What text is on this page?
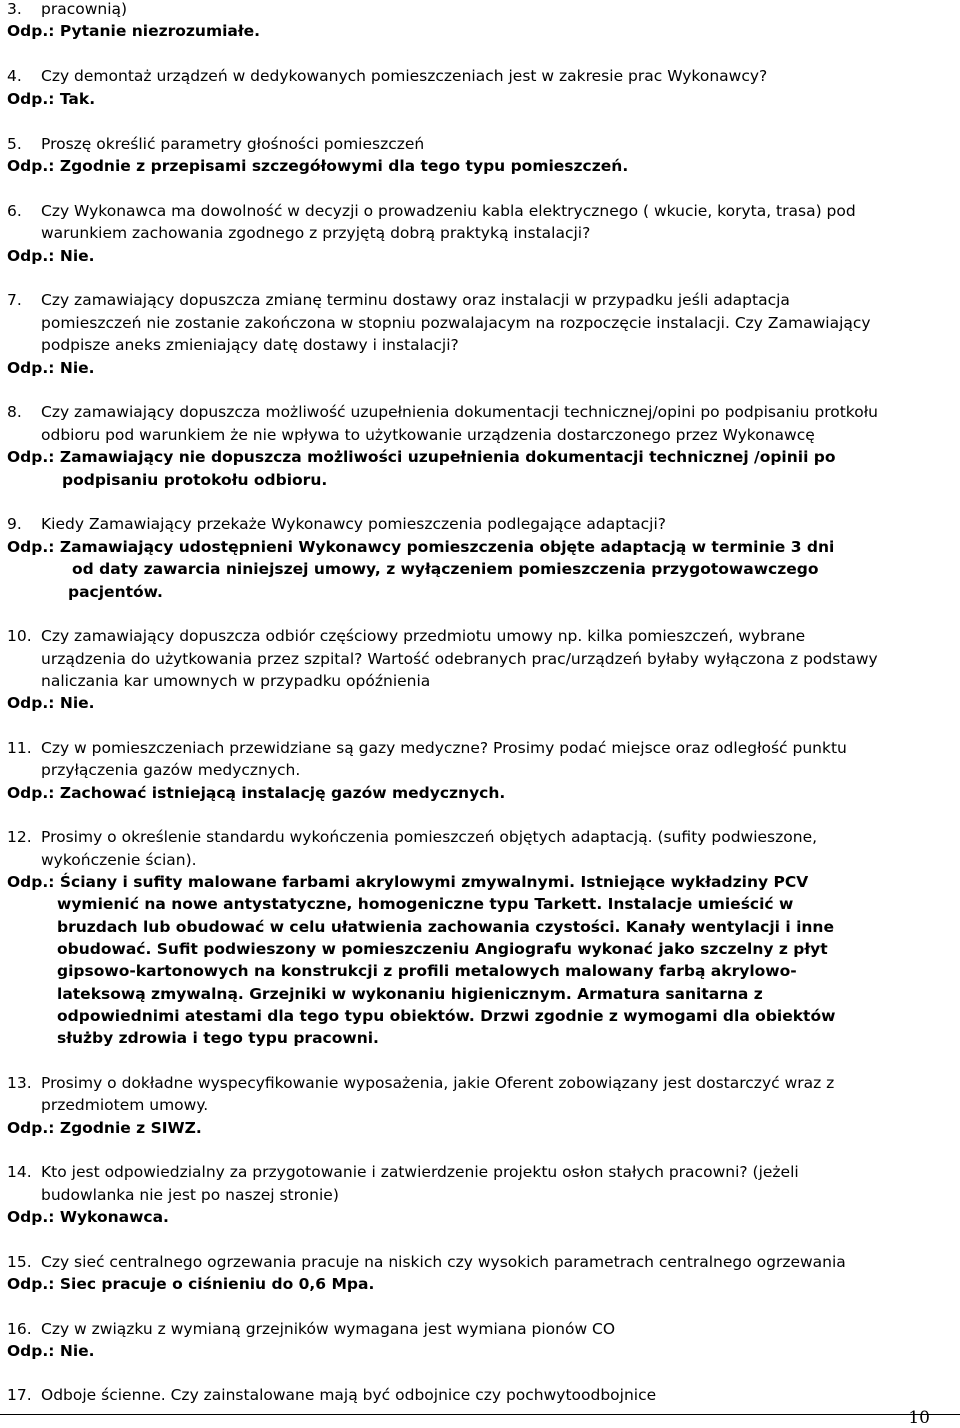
3. pracownią)
Odp.: Pytanie niezrozumiałe.
4. Czy demontaż urządzeń w dedykowanych pomieszczeniach jest w zakresie prac Wykonawcy?
Odp.: Tak.
5. Proszę określić parametry głośności pomieszczeń
Odp.: Zgodnie z przepisami szczegółowymi dla tego typu pomieszczeń.
6. Czy Wykonawca ma dowolność w decyzji o prowadzeniu kabla elektrycznego ( wkucie, koryta, trasa) pod
warunkiem zachowania zgodnego z przyjętą dobrą praktyką instalacji?
Odp.: Nie.
7. Czy zamawiający dopuszcza zmianę terminu dostawy oraz instalacji w przypadku jeśli adaptacja
pomieszczeń nie zostanie zakończona w stopniu pozwalajacym na rozpoczęcie instalacji. Czy Zamawiający
podpisze aneks zmieniający datę dostawy i instalacji?
Odp.: Nie.
8. Czy zamawiający dopuszcza możliwość uzupełnienia dokumentacji technicznej/opini po podpisaniu protkołu
odbioru pod warunkiem że nie wpływa to użytkowanie urządzenia dostarczonego przez Wykonawcę
Odp.: Zamawiający nie dopuszcza możliwości uzupełnienia dokumentacji technicznej /opinii po
podpisaniu protokołu odbioru.
9. Kiedy Zamawiający przekaże Wykonawcy pomieszczenia podlegające adaptacji?
Odp.: Zamawiający udostępnieni Wykonawcy pomieszczenia objęte adaptacją w terminie 3 dni
od daty zawarcia niniejszej umowy, z wyłączeniem pomieszczenia przygotowawczego
pacjentów.
10. Czy zamawiający dopuszcza odbiór częściowy przedmiotu umowy np. kilka pomieszczeń, wybrane
urządzenia do użytkowania przez szpital? Wartość odebranych prac/urządzeń byłaby wyłączona z podstawy
naliczania kar umownych w przypadku opóźnienia
Odp.: Nie.
11. Czy w pomieszczeniach przewidziane są gazy medyczne? Prosimy podać miejsce oraz odległość punktu
przyłączenia gazów medycznych.
Odp.: Zachować istniejącą instalację gazów medycznych.
12. Prosimy o określenie standardu wykończenia pomieszczeń objętych adaptacją. (sufity podwieszone,
wykończenie ścian).
Odp.: Ściany i sufity malowane farbami akrylowymi zmywalnymi. Istniejące wykładziny PCV
wymienić na nowe antystatyczne, homogeniczne typu Tarkett. Instalacje umieścić w
bruzdach lub obudować w celu ułatwienia zachowania czystości. Kanały wentylacji i inne
obudować. Sufit podwieszony w pomieszczeniu Angiografu wykonać jako szczelny z płyt
gipsowo-kartonowych na konstrukcji z profili metalowych malowany farbą akrylowo-
lateksową zmywalną. Grzejniki w wykonaniu higienicznym. Armatura sanitarna z
odpowiednimi atestami dla tego typu obiektów. Drzwi zgodnie z wymogami dla obiektów
służby zdrowia i tego typu pracowni.
13. Prosimy o dokładne wyspecyfikowanie wyposażenia, jakie Oferent zobowiązany jest dostarczyć wraz z
przedmiotem umowy.
Odp.: Zgodnie z SIWZ.
14. Kto jest odpowiedzialny za przygotowanie i zatwierdzenie projektu osłon stałych pracowni? (jeżeli
budowlanka nie jest po naszej stronie)
Odp.: Wykonawca.
15. Czy sieć centralnego ogrzewania pracuje na niskich czy wysokich parametrach centralnego ogrzewania
Odp.: Siec pracuje o ciśnieniu do 0,6 Mpa.
16. Czy w związku z wymianą grzejników wymagana jest wymiana pionów CO
Odp.: Nie.
17. Odboje ścienne. Czy zainstalowane mają być odbojnice czy pochwytoodbojnice
10
